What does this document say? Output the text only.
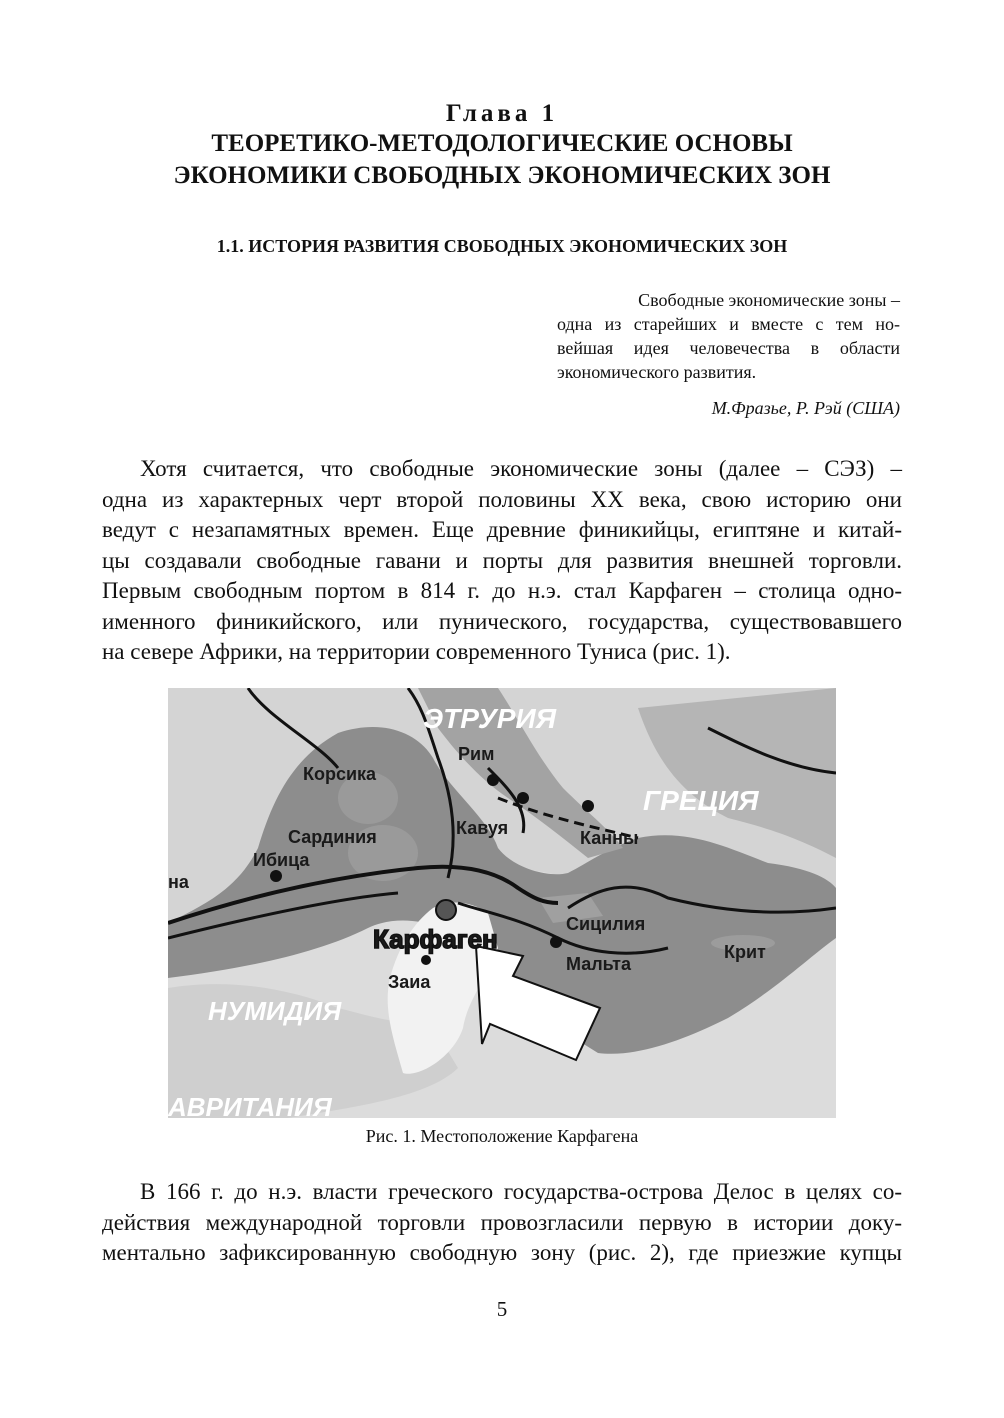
Глава 1
ТЕОРЕТИКО-МЕТОДОЛОГИЧЕСКИЕ ОСНОВЫ
ЭКОНОМИКИ СВОБОДНЫХ ЭКОНОМИЧЕСКИХ ЗОН
1.1. ИСТОРИЯ РАЗВИТИЯ СВОБОДНЫХ ЭКОНОМИЧЕСКИХ ЗОН
Свободные экономические зоны –
одна из старейших и вместе с тем но-
вейшая идея человечества в области
экономического развития.
М.Фразье, Р. Рэй (США)
Хотя считается, что свободные экономические зоны (далее – СЭЗ) –
одна из характерных черт второй половины XX века, свою историю они
ведут с незапамятных времен. Еще древние финикийцы, египтяне и китай-
цы создавали свободные гавани и порты для развития внешней торговли.
Первым свободным портом в 814 г. до н.э. стал Карфаген – столица одно-
именного финикийского, или пунического, государства, существовавшего
на севере Африки, на территории современного Туниса (рис. 1).
ЭТРУРИЯ
Рим
Корсика
ГРЕЦИЯ
Сардиния	Кавуя	Канны
Ибица
на
Сицилия
Карфаген	Крит
Мальта
Заиа
НУМИДИЯ
АВРИТАНИЯ
Рис. 1. Местоположение Карфагена
В 166 г. до н.э. власти греческого государства-острова Делос в целях со-
действия международной торговли провозгласили первую в истории доку-
ментально зафиксированную свободную зону (рис. 2), где приезжие купцы
5
